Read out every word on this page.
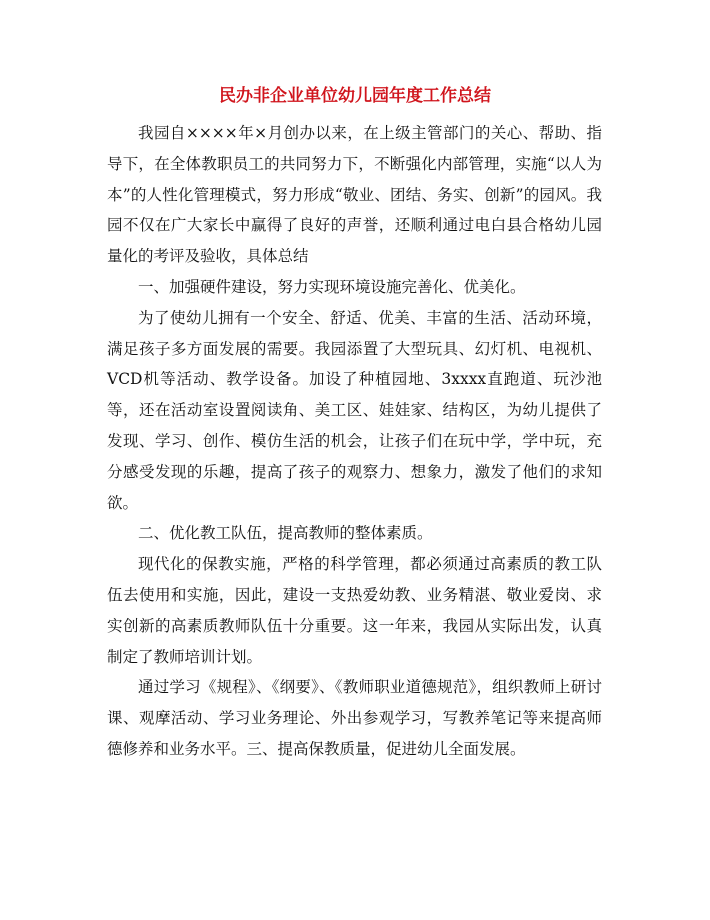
民办非企业单位幼儿园年度工作总结

我园自××××年×月创办以来，在上级主管部门的关心、帮助、指导下，在全体教职员工的共同努力下，不断强化内部管理，实施“以人为本”的人性化管理模式，努力形成“敬业、团结、务实、创新”的园风。我园不仅在广大家长中赢得了良好的声誉，还顺利通过电白县合格幼儿园量化的考评及验收，具体总结

一、加强硬件建设，努力实现环境设施完善化、优美化。

为了使幼儿拥有一个安全、舒适、优美、丰富的生活、活动环境，满足孩子多方面发展的需要。我园添置了大型玩具、幻灯机、电视机、VCD机等活动、教学设备。加设了种植园地、3xxxx直跑道、玩沙池等，还在活动室设置阅读角、美工区、娃娃家、结构区，为幼儿提供了发现、学习、创作、模仿生活的机会，让孩子们在玩中学，学中玩，充分感受发现的乐趣，提高了孩子的观察力、想象力，激发了他们的求知欲。

二、优化教工队伍，提高教师的整体素质。

现代化的保教实施，严格的科学管理，都必须通过高素质的教工队伍去使用和实施，因此，建设一支热爱幼教、业务精湛、敬业爱岗、求实创新的高素质教师队伍十分重要。这一年来，我园从实际出发，认真制定了教师培训计划。

通过学习《规程》、《纲要》、《教师职业道德规范》，组织教师上研讨课、观摩活动、学习业务理论、外出参观学习，写教养笔记等来提高师德修养和业务水平。三、提高保教质量，促进幼儿全面发展。
